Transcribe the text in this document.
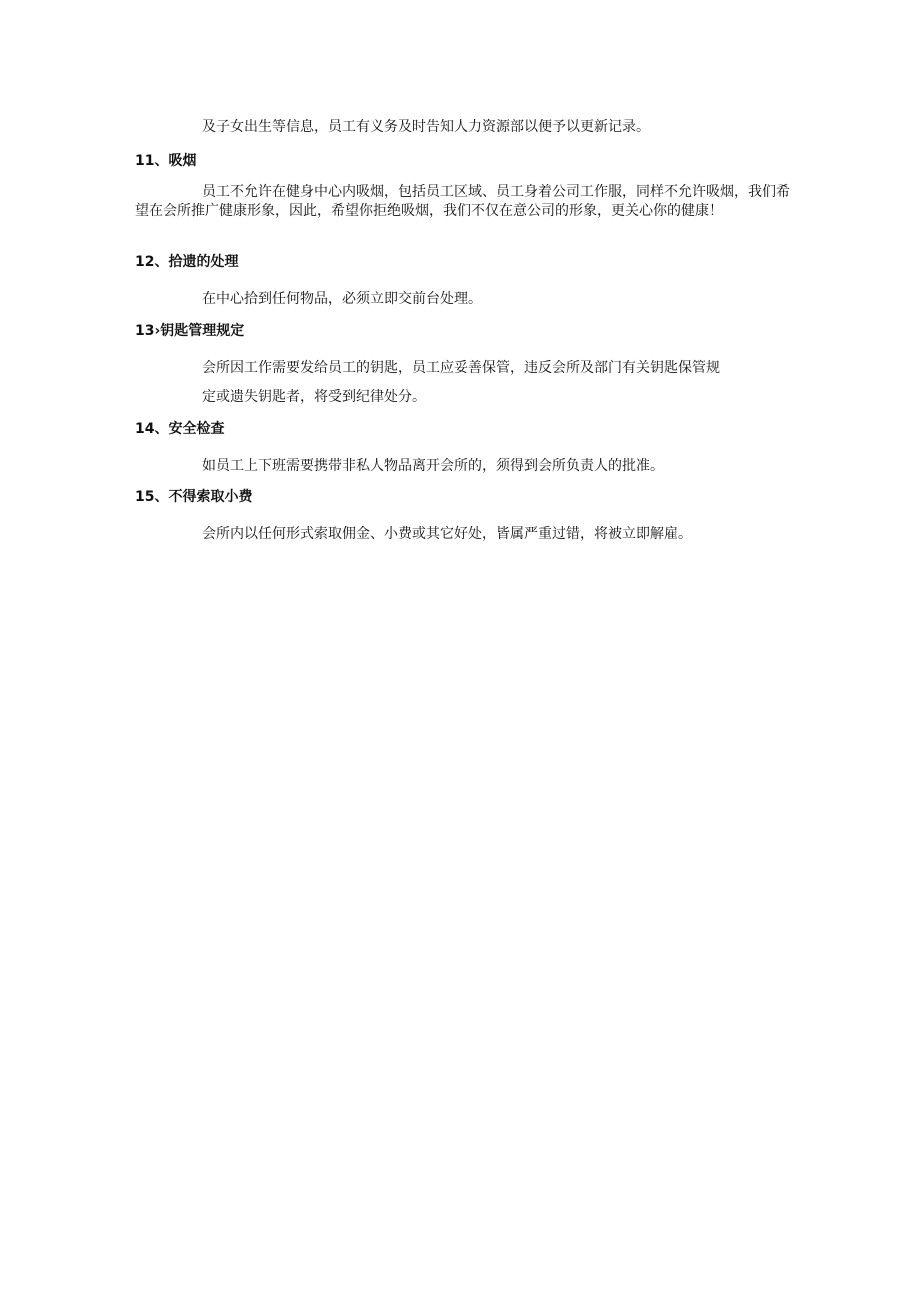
及子女出生等信息，员工有义务及时告知人力资源部以便予以更新记录。
11、吸烟
员工不允许在健身中心内吸烟，包括员工区域、员工身着公司工作服，同样不允许吸烟，我们希望在会所推广健康形象，因此，希望你拒绝吸烟，我们不仅在意公司的形象，更关心你的健康！
12、拾遗的处理
在中心拾到任何物品，必须立即交前台处理。
13›钥匙管理规定
会所因工作需要发给员工的钥匙，员工应妥善保管，违反会所及部门有关钥匙保管规
定或遗失钥匙者，将受到纪律处分。
14、安全检查
如员工上下班需要携带非私人物品离开会所的，须得到会所负责人的批准。
15、不得索取小费
会所内以任何形式索取佣金、小费或其它好处，皆属严重过错，将被立即解雇。
